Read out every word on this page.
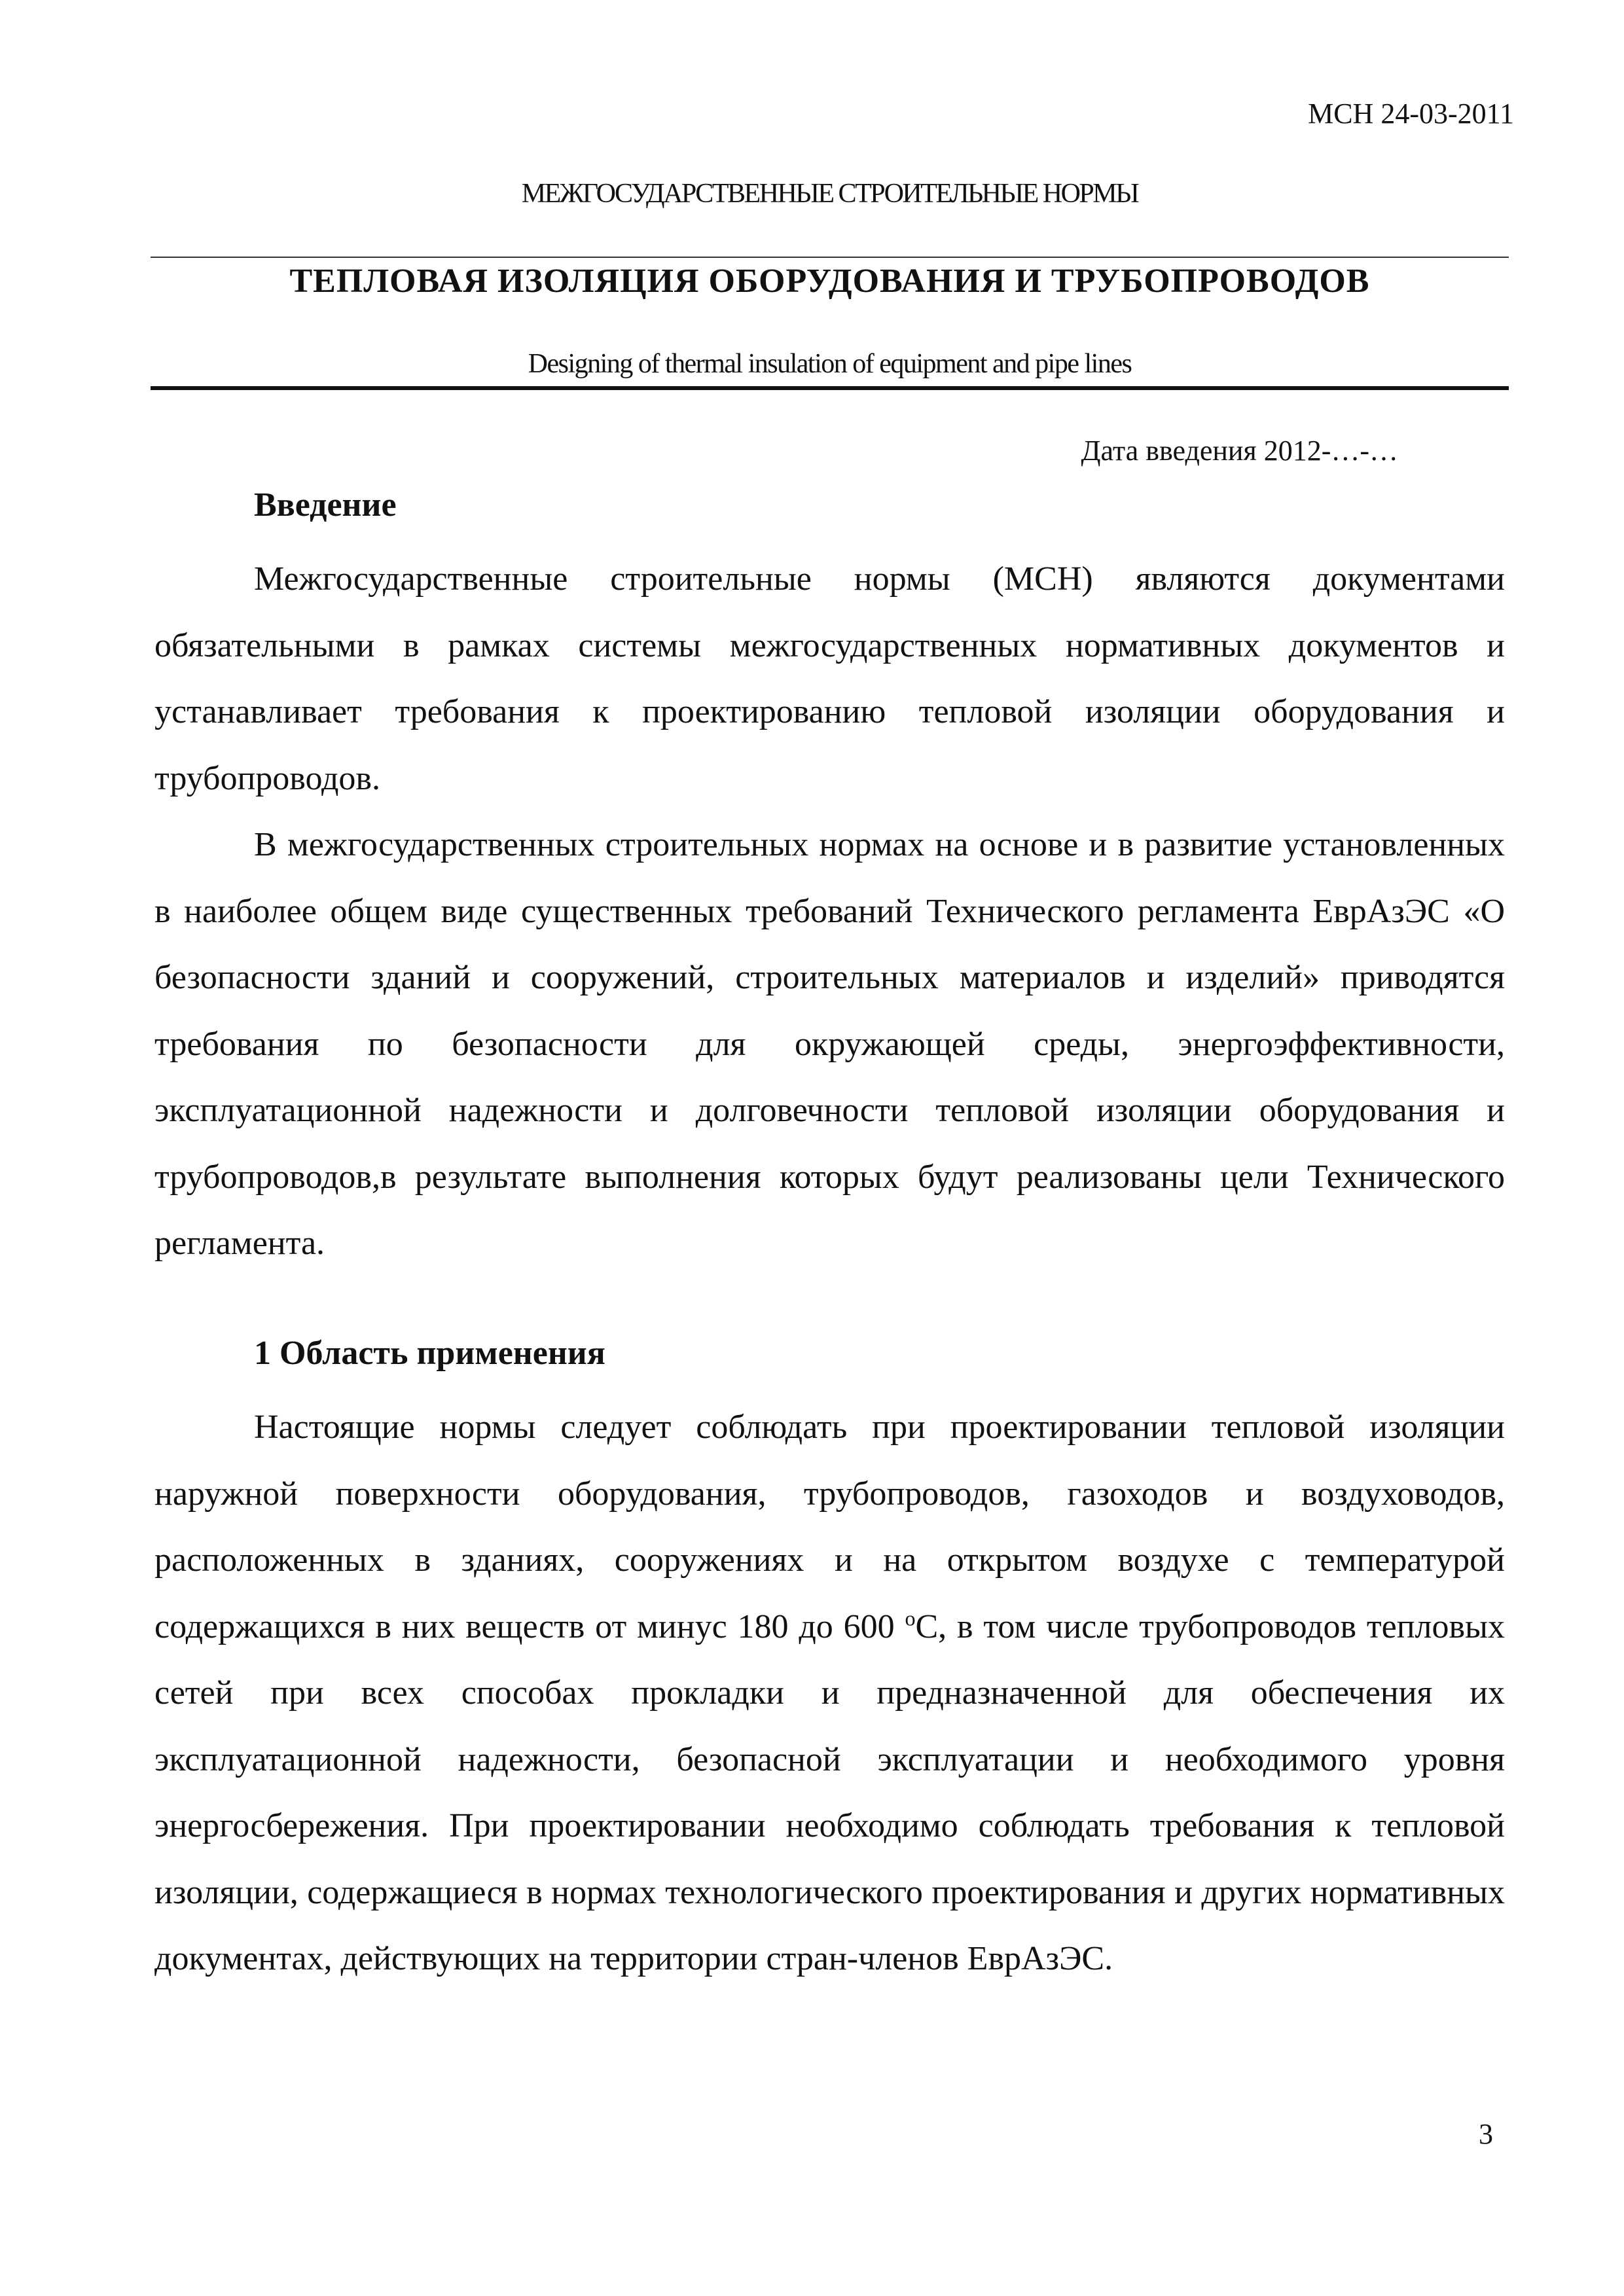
МСН 24-03-2011
МЕЖГОСУДАРСТВЕННЫЕ СТРОИТЕЛЬНЫЕ НОРМЫ
ТЕПЛОВАЯ ИЗОЛЯЦИЯ ОБОРУДОВАНИЯ И ТРУБОПРОВОДОВ
Designing of thermal insulation of equipment and pipe lines
Дата введения 2012-…-…
Введение

Межгосударственные строительные нормы (МСН) являются документами обязательными в рамках системы межгосударственных нормативных документов и устанавливает требования к проектированию тепловой изоляции оборудования и трубопроводов.

В межгосударственных строительных нормах на основе и в развитие установленных в наиболее общем виде существенных требований Технического регламента ЕврАзЭС «О безопасности зданий и сооружений, строительных материалов и изделий» приводятся требования по безопасности для окружающей среды, энергоэффективности, эксплуатационной надежности и долговечности тепловой изоляции оборудования и трубопроводов,в результате выполнения которых будут реализованы цели Технического регламента.

1 Область применения

Настоящие нормы следует соблюдать при проектировании тепловой изоляции наружной поверхности оборудования, трубопроводов, газоходов и воздуховодов, расположенных в зданиях, сооружениях и на открытом воздухе с температурой содержащихся в них веществ от минус 180 до 600 $^o$С, в том числе трубопроводов тепловых сетей при всех способах прокладки и предназначенной для обеспечения их эксплуатационной надежности, безопасной эксплуатации и необходимого уровня энергосбережения. При проектировании необходимо соблюдать требования к тепловой изоляции, содержащиеся в нормах технологического проектирования и других нормативных документах, действующих на территории стран-членов ЕврАзЭС.

3
